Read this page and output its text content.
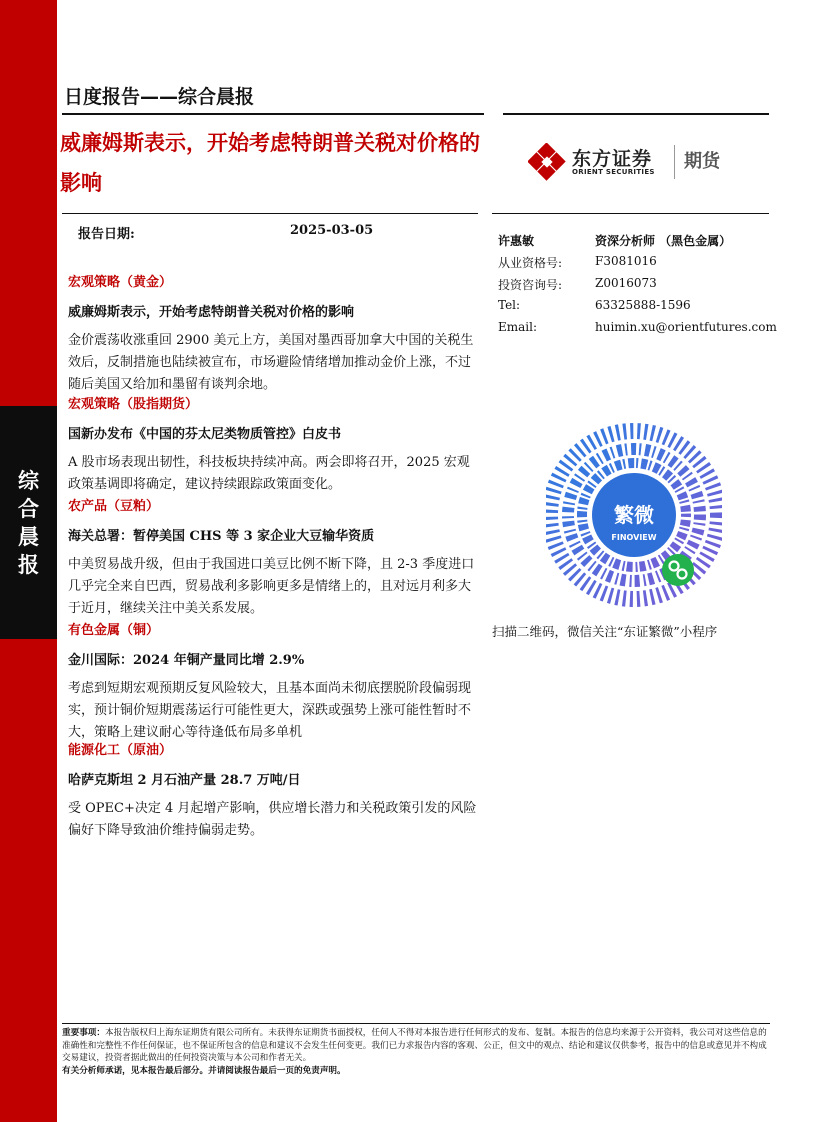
综
合
晨
报
日度报告——综合晨报
威廉姆斯表示，开始考虑特朗普关税对价格的影响
东方证券
ORIENT SECURITIES 期货
报告日期:	2025-03-05
许惠敏	资深分析师 （黑色金属）
从业资格号:	F3081016
投资咨询号:	Z0016073
Tel:	63325888-1596
Email:	huimin.xu@orientfutures.com
宏观策略（黄金）
威廉姆斯表示，开始考虑特朗普关税对价格的影响
金价震荡收涨重回 2900 美元上方，美国对墨西哥加拿大中国的关税生效后，反制措施也陆续被宣布，市场避险情绪增加推动金价上涨，不过随后美国又给加和墨留有谈判余地。
宏观策略（股指期货）
国新办发布《中国的芬太尼类物质管控》白皮书
A 股市场表现出韧性，科技板块持续冲高。两会即将召开，2025 宏观政策基调即将确定，建议持续跟踪政策面变化。
农产品（豆粕）
海关总署：暂停美国 CHS 等 3 家企业大豆输华资质
中美贸易战升级，但由于我国进口美豆比例不断下降，且 2-3 季度进口几乎完全来自巴西，贸易战利多影响更多是情绪上的，且对远月利多大于近月，继续关注中美关系发展。
有色金属（铜）
金川国际：2024 年铜产量同比增 2.9%
考虑到短期宏观预期反复风险较大，且基本面尚未彻底摆脱阶段偏弱现实，预计铜价短期震荡运行可能性更大，深跌或强势上涨可能性暂时不大，策略上建议耐心等待逢低布局多单机
能源化工（原油）
哈萨克斯坦 2 月石油产量 28.7 万吨/日
受 OPEC+决定 4 月起增产影响，供应增长潜力和关税政策引发的风险偏好下降导致油价维持偏弱走势。
繁微
FINOVIEW
扫描二维码，微信关注“东证繁微”小程序
重要事项：本报告版权归上海东证期货有限公司所有。未获得东证期货书面授权，任何人不得对本报告进行任何形式的发布、复制。本报告的信息均来源于公开资料，我公司对这些信息的准确性和完整性不作任何保证，也不保证所包含的信息和建议不会发生任何变更。我们已力求报告内容的客观、公正，但文中的观点、结论和建议仅供参考，报告中的信息或意见并不构成交易建议，投资者据此做出的任何投资决策与本公司和作者无关。
有关分析师承诺，见本报告最后部分。并请阅读报告最后一页的免责声明。
